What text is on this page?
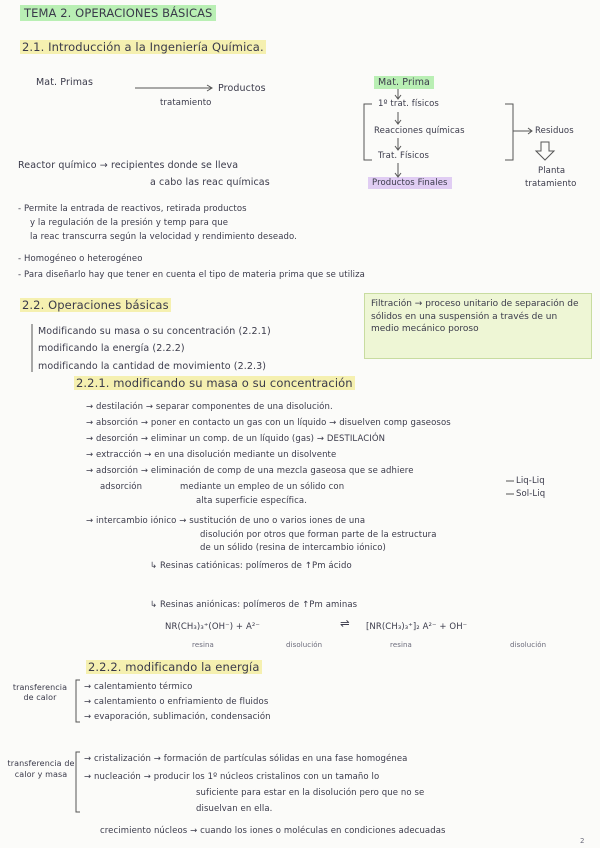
TEMA 2. OPERACIONES BÁSICAS
2.1. Introducción a la Ingeniería Química.
Mat. Primas
Productos
tratamiento
Mat. Prima
1º trat. físicos
Reacciones químicas	Residuos
Trat. Físicos
Productos Finales
Planta
tratamiento
Reactor químico → recipientes donde se lleva
a cabo las reac químicas
- Permite la entrada de reactivos, retirada productos
y la regulación de la presión y temp para que
la reac transcurra según la velocidad y rendimiento deseado.
- Homogéneo o heterogéneo
- Para diseñarlo hay que tener en cuenta el tipo de materia prima que se utiliza
2.2. Operaciones básicas
Modificando su masa o su concentración (2.2.1)
modificando la energía (2.2.2)
modificando la cantidad de movimiento (2.2.3)
Filtración → proceso unitario de separación de sólidos en una suspensión a través de un medio mecánico poroso
2.2.1. modificando su masa o su concentración
→ destilación → separar componentes de una disolución.
→ absorción → poner en contacto un gas con un líquido → disuelven comp gaseosos
→ desorción → eliminar un comp. de un líquido (gas) → DESTILACIÓN
→ extracción → en una disolución mediante un disolvente
→ adsorción → eliminación de comp de una mezcla gaseosa que se adhiere
adsorción	mediante un empleo de un sólido con
alta superficie específica.
Liq-Liq
Sol-Liq
→ intercambio iónico → sustitución de uno o varios iones de una
disolución por otros que forman parte de la estructura
de un sólido (resina de intercambio iónico)
↳ Resinas catiónicas: polímeros de ↑Pm ácido
↳ Resinas aniónicas: polímeros de ↑Pm aminas
NR(CH₃)₃⁺(OH⁻) + A²⁻	⇌ [NR(CH₃)₃⁺]₂ A²⁻ + OH⁻
resina	disolución	resina	disolución
2.2.2. modificando la energía
transferencia de calor
→ calentamiento térmico
→ calentamiento o enfriamiento de fluidos
→ evaporación, sublimación, condensación
transferencia de calor y masa
→ cristalización → formación de partículas sólidas en una fase homogénea
→ nucleación → producir los 1º núcleos cristalinos con un tamaño lo
suficiente para estar en la disolución pero que no se
disuelvan en ella.
crecimiento núcleos → cuando los iones o moléculas en condiciones adecuadas
2
